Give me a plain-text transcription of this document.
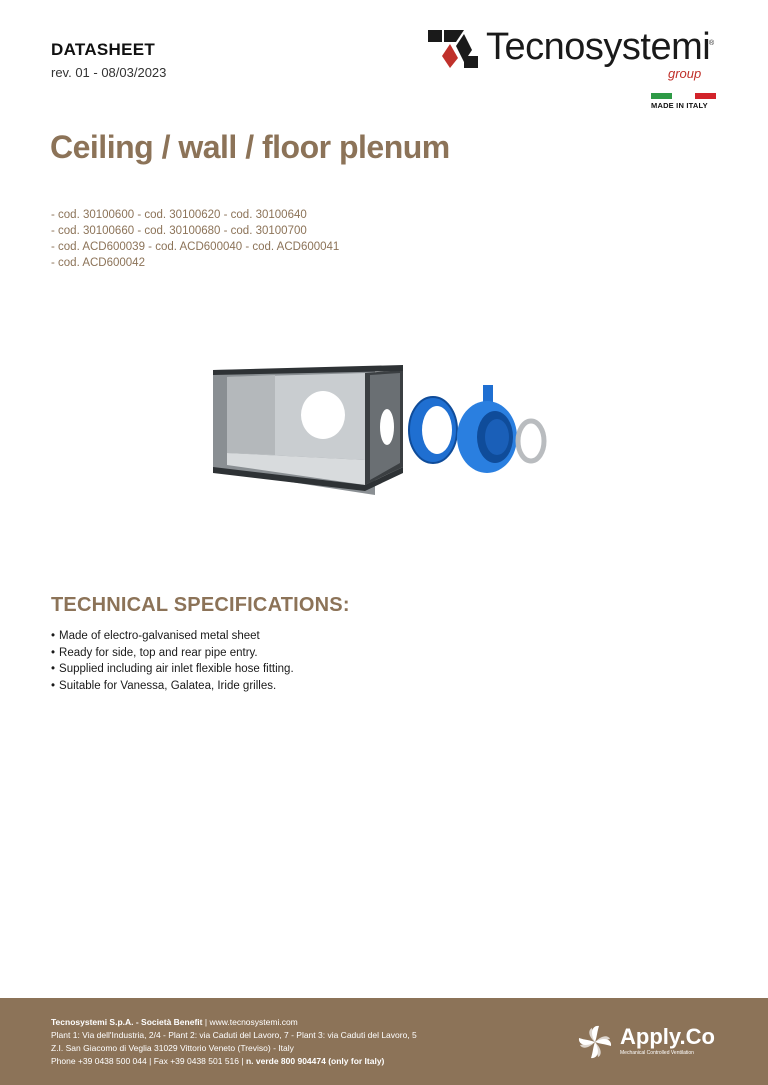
DATASHEET
rev. 01 - 08/03/2023
Tecnosystemi
®
group
MADE IN ITALY
Ceiling / wall / floor plenum
- cod. 30100600 - cod. 30100620 - cod. 30100640
- cod. 30100660 - cod. 30100680 - cod. 30100700
- cod. ACD600039 - cod. ACD600040 - cod. ACD600041
- cod. ACD600042
TECHNICAL SPECIFICATIONS:
• Made of electro-galvanised metal sheet
• Ready for side, top and rear pipe entry.
• Supplied including air inlet flexible hose fitting.
• Suitable for Vanessa, Galatea, Iride grilles.
Tecnosystemi S.p.A. - Società Benefit | www.tecnosystemi.com
Plant 1: Via dell'Industria, 2/4 - Plant 2: via Caduti del Lavoro, 7 - Plant 3: via Caduti del Lavoro, 5
Z.I. San Giacomo di Veglia 31029 Vittorio Veneto (Treviso) - Italy
Phone +39 0438 500 044 | Fax +39 0438 501 516 | n. verde 800 904474 (only for Italy)
Apply.Co
Mechanical Controlled Ventilation
